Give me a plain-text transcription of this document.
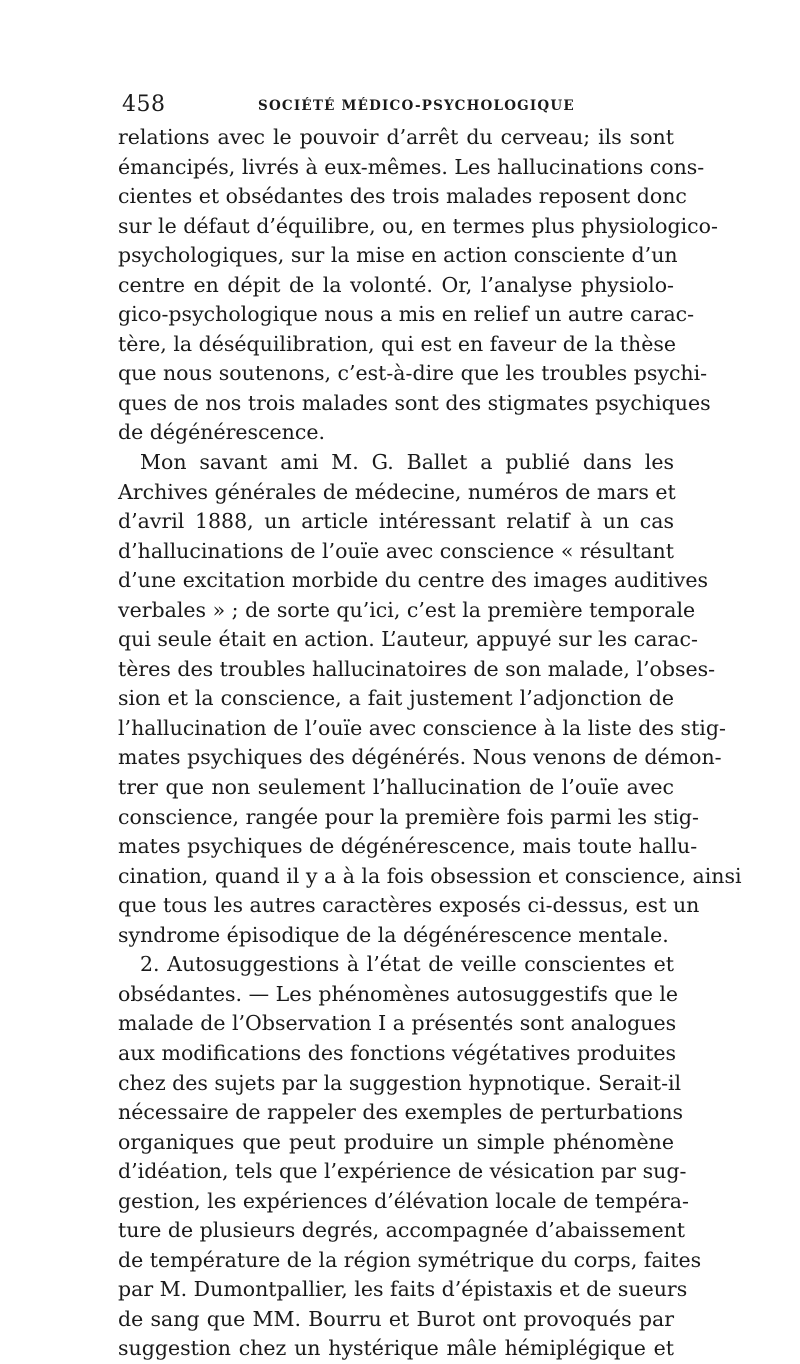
458	SOCIÉTÉ MÉDICO-PSYCHOLOGIQUE
relations avec le pouvoir d’arrêt du cerveau; ils sont
émancipés, livrés à eux-mêmes. Les hallucinations cons-
cientes et obsédantes des trois malades reposent donc
sur le défaut d’équilibre, ou, en termes plus physiologico-
psychologiques, sur la mise en action consciente d’un
centre en dépit de la volonté. Or, l’analyse physiolo-
gico-psychologique nous a mis en relief un autre carac-
tère, la déséquilibration, qui est en faveur de la thèse
que nous soutenons, c’est-à-dire que les troubles psychi-
ques de nos trois malades sont des stigmates psychiques
de dégénérescence.
Mon savant ami M. G. Ballet a publié dans les
Archives générales de médecine, numéros de mars et
d’avril 1888, un article intéressant relatif à un cas
d’hallucinations de l’ouïe avec conscience « résultant
d’une excitation morbide du centre des images auditives
verbales » ; de sorte qu’ici, c’est la première temporale
qui seule était en action. L’auteur, appuyé sur les carac-
tères des troubles hallucinatoires de son malade, l’obses-
sion et la conscience, a fait justement l’adjonction de
l’hallucination de l’ouïe avec conscience à la liste des stig-
mates psychiques des dégénérés. Nous venons de démon-
trer que non seulement l’hallucination de l’ouïe avec
conscience, rangée pour la première fois parmi les stig-
mates psychiques de dégénérescence, mais toute hallu-
cination, quand il y a à la fois obsession et conscience, ainsi
que tous les autres caractères exposés ci-dessus, est un
syndrome épisodique de la dégénérescence mentale.
2. Autosuggestions à l’état de veille conscientes et
obsédantes. — Les phénomènes autosuggestifs que le
malade de l’Observation I a présentés sont analogues
aux modifications des fonctions végétatives produites
chez des sujets par la suggestion hypnotique. Serait-il
nécessaire de rappeler des exemples de perturbations
organiques que peut produire un simple phénomène
d’idéation, tels que l’expérience de vésication par sug-
gestion, les expériences d’élévation locale de tempéra-
ture de plusieurs degrés, accompagnée d’abaissement
de température de la région symétrique du corps, faites
par M. Dumontpallier, les faits d’épistaxis et de sueurs
de sang que MM. Bourru et Burot ont provoqués par
suggestion chez un hystérique mâle hémiplégique et
